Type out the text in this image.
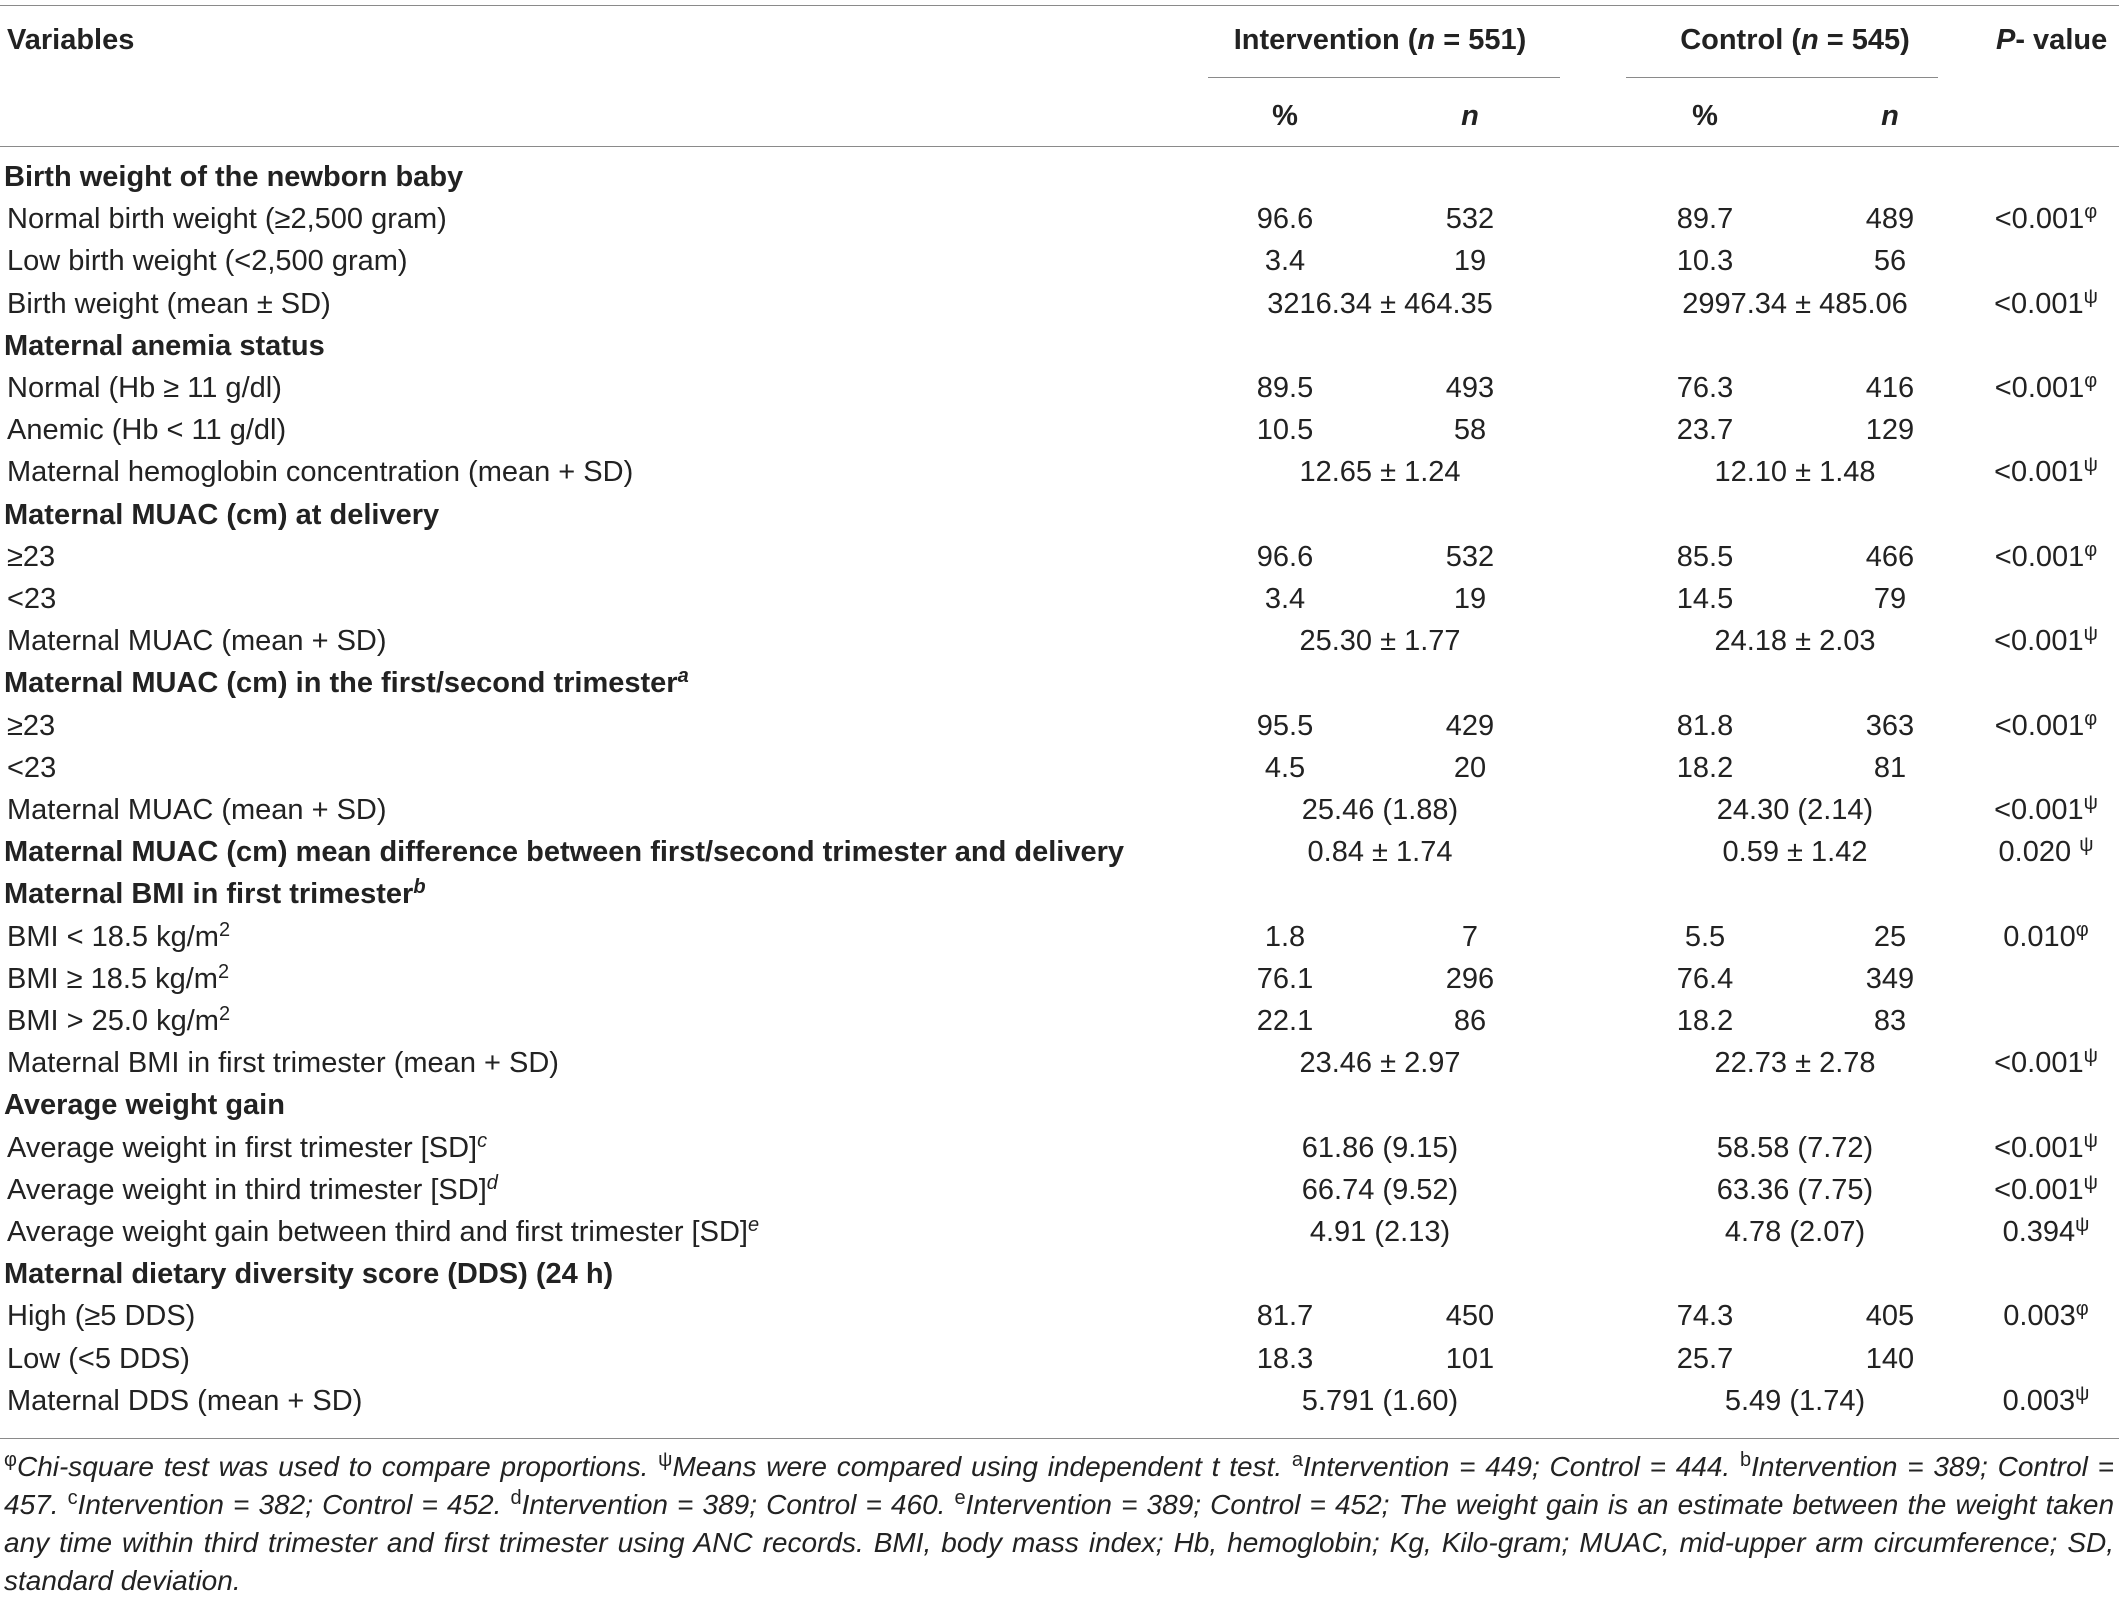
Variables	Intervention (n = 551)	Control (n = 545)	P- value
%	n	%	n
Birth weight of the newborn baby
Normal birth weight (≥2,500 gram)	96.6	532	89.7	489	$<0.001^\varphi$
Low birth weight (<2,500 gram)	3.4	19	10.3	56
Birth weight (mean ± SD)	3216.34 ± 464.35	2997.34 ± 485.06	$<0.001^\psi$
Maternal anemia status
Normal (Hb ≥ 11 g/dl)	89.5	493	76.3	416	$<0.001^\varphi$
Anemic (Hb < 11 g/dl)	10.5	58	23.7	129
Maternal hemoglobin concentration (mean + SD)	12.65 ± 1.24	12.10 ± 1.48	$<0.001^\psi$
Maternal MUAC (cm) at delivery
≥23	96.6	532	85.5	466	$<0.001^\varphi$
<23	3.4	19	14.5	79
Maternal MUAC (mean + SD)	25.30 ± 1.77	24.18 ± 2.03	$<0.001^\psi$
Maternal MUAC (cm) in the first/second trimester$^a$
≥23	95.5	429	81.8	363	$<0.001^\varphi$
<23	4.5	20	18.2	81
Maternal MUAC (mean + SD)	25.46 (1.88)	24.30 (2.14)	$<0.001^\psi$
Maternal MUAC (cm) mean difference between first/second trimester and delivery	0.84 ± 1.74	0.59 ± 1.42	0.020 $^\psi$
Maternal BMI in first trimester$^b$
BMI < 18.5 $kg/m^2$	1.8	7	5.5	25	$0.010^\varphi$
BMI ≥ 18.5 $kg/m^2$	76.1	296	76.4	349
BMI > 25.0 $kg/m^2$	22.1	86	18.2	83
Maternal BMI in first trimester (mean + SD)	23.46 ± 2.97	22.73 ± 2.78	$<0.001^\psi$
Average weight gain
Average weight in first trimester [SD]$^c$	61.86 (9.15)	58.58 (7.72)	$<0.001^\psi$
Average weight in third trimester [SD]$^d$	66.74 (9.52)	63.36 (7.75)	$<0.001^\psi$
Average weight gain between third and first trimester [SD]$^e$	4.91 (2.13)	4.78 (2.07)	$0.394^\psi$
Maternal dietary diversity score (DDS) (24 h)
High (≥5 DDS)	81.7	450	74.3	405	$0.003^\varphi$
Low (<5 DDS)	18.3	101	25.7	140
Maternal DDS (mean + SD)	5.791 (1.60)	5.49 (1.74)	$0.003^\psi$
$^\varphi$Chi-square test was used to compare proportions. $^\psi$Means were compared using independent t test. $^a$Intervention = 449; Control = 444. $^b$Intervention = 389; Control = 457. $^c$Intervention = 382; Control = 452. $^d$Intervention = 389; Control = 460. $^e$Intervention = 389; Control = 452; The weight gain is an estimate between the weight taken any time within third trimester and first trimester using ANC records. BMI, body mass index; Hb, hemoglobin; Kg, Kilo-gram; MUAC, mid-upper arm circumference; SD, standard deviation.
